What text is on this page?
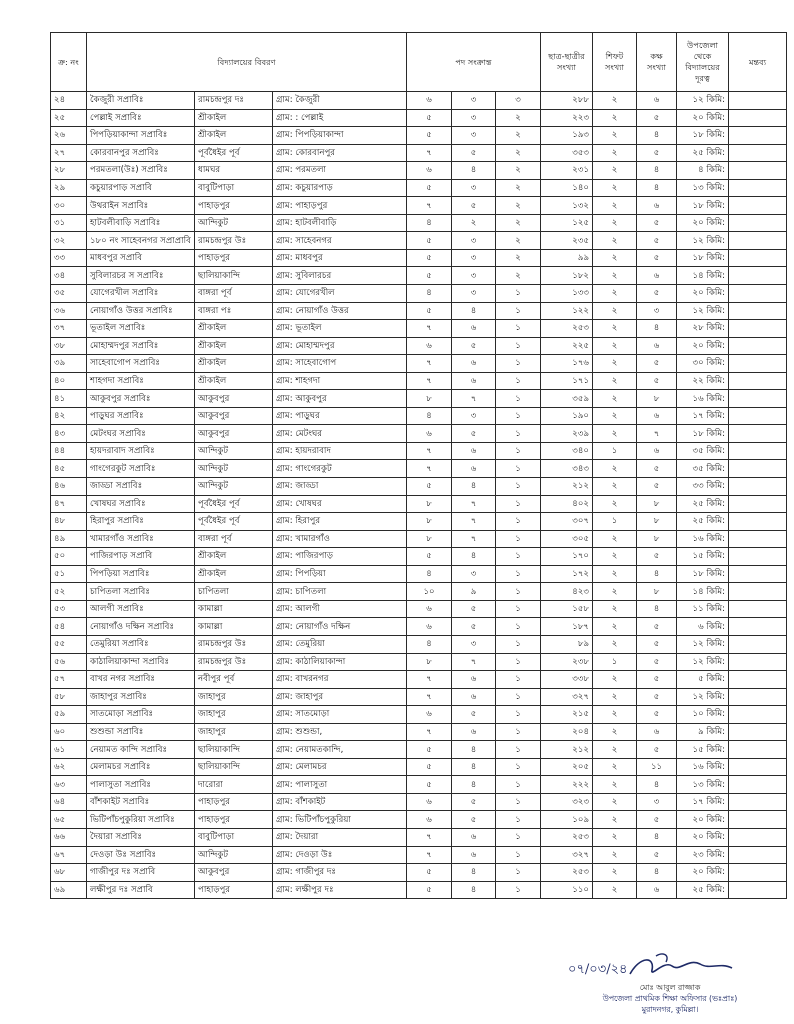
ক্র: নং	বিদ্যালয়ের বিবরণ			পদ সংক্রান্ত			ছাত্র-ছাত্রীর সংখ্যা	শিফট সংখ্যা	কক্ষ সংখ্যা	উপজেলা থেকে বিদ্যালয়ের দূরত্ব	মন্তব্য
২৪	কৈজুরী সপ্রাবিঃ	রামচন্দ্রপুর দঃ	গ্রাম: কৈজুরী	৬	৩	৩	২৮৮	২	৬	১২ কিমি:	
২৫	পেল্লাই সপ্রাবিঃ	শ্রীকাইল	গ্রাম: : পেল্লাই	৫	৩	২	২২৩	২	৫	২০ কিমি:	
২৬	পিপড়িয়াকান্দা সপ্রাবিঃ	শ্রীকাইল	গ্রাম: পিপড়িয়াকান্দা	৫	৩	২	১৯৩	২	৪	১৮ কিমি:	
২৭	কোরবানপুর সপ্রাবিঃ	পূর্বধৈইর পূর্ব	গ্রাম: কোরবানপুর	৭	৫	২	৩৫৩	২	৫	২৫ কিমি:	
২৮	পরমতলা(উঃ) সপ্রাবিঃ	ধামঘর	গ্রাম: পরমতলা	৬	৪	২	২৩১	২	৪	৪ কিমি:	
২৯	কচুয়ারপাড় সপ্রাবি	বাবুটিপাড়া	গ্রাম: কচুয়ারপাড়	৫	৩	২	১৪০	২	৪	১৩ কিমি:	
৩০	উথরাইন সপ্রাবিঃ	পাহাড়পুর	গ্রাম: পাহাড়পুর	৭	৫	২	১৩২	২	৬	১৮ কিমি:	
৩১	হাটবলীবাড়ি সপ্রাবিঃ	আন্দিকুট	গ্রাম: হাটবলীবাড়ি	৪	২	২	১২৫	২	৫	২০ কিমি:	
৩২	১৮০ নং সাহেবনগর সপ্রাপ্রাবি	রামচন্দ্রপুর উঃ	গ্রাম: সাহেবনগর	৫	৩	২	২৩৫	২	৫	১২ কিমি:	
৩৩	মাধবপুর সপ্রাবি	পাহাড়পুর	গ্রাম: মাধবপুর	৫	৩	২	৯৯	২	৫	১৮ কিমি:	
৩৪	সুবিলারচর স সপ্রাবিঃ	ছালিয়াকান্দি	গ্রাম: সুবিলারচর	৫	৩	২	১৮২	২	৬	১৪ কিমি:	
৩৫	যোগেরখীল সপ্রাবিঃ	বাঙ্গরা পূর্ব	গ্রাম: যোগেরখীল	৪	৩	১	১৩৩	২	৫	২০ কিমি:	
৩৬	নোয়াগাঁও উত্তর সপ্রাবিঃ	বাঙ্গরা পঃ	গ্রাম: নোয়াগাঁও উত্তর	৫	৪	১	১২২	২	৩	১২ কিমি:	
৩৭	ভূতাইল সপ্রাবিঃ	শ্রীকাইল	গ্রাম: ভূতাইল	৭	৬	১	২৫৩	২	৪	২৮ কিমি:	
৩৮	মোহাম্মদপুর সপ্রাবিঃ	শ্রীকাইল	গ্রাম: মোহাম্মদপুর	৬	৫	১	২২৫	২	৬	২০ কিমি:	
৩৯	সাহেবাগোপ সপ্রাবিঃ	শ্রীকাইল	গ্রাম: সাহেবাগোপ	৭	৬	১	১৭৬	২	৫	৩০ কিমি:	
৪০	শাহগদা সপ্রাবিঃ	শ্রীকাইল	গ্রাম: শাহগদা	৭	৬	১	১৭১	২	৫	২২ কিমি:	
৪১	আকুবপুর সপ্রাবিঃ	আকুবপুর	গ্রাম: আকুবপুর	৮	৭	১	৩৫৯	২	৮	১৬ কিমি:	
৪২	পাড়ুঘর সপ্রাবিঃ	আকুবপুর	গ্রাম: পাড়ুঘর	৪	৩	১	১৯০	২	৬	১৭ কিমি:	
৪৩	মেটংঘর সপ্রাবিঃ	আকুবপুর	গ্রাম: মেটংঘর	৬	৫	১	২৩৯	২	৭	১৮ কিমি:	
৪৪	হায়দরাবাদ সপ্রাবিঃ	আন্দিকুট	গ্রাম: হায়দরাবাদ	৭	৬	১	৩৪০	১	৬	৩৫ কিমি:	
৪৫	গাংগেরকুট সপ্রাবিঃ	আন্দিকুট	গ্রাম: গাংগেরকুট	৭	৬	১	৩৪৩	২	৫	৩৫ কিমি:	
৪৬	জাড্ডা সপ্রাবিঃ	আন্দিকুট	গ্রাম: জাড্ডা	৫	৪	১	২১২	২	৫	৩৩ কিমি:	
৪৭	খোষঘর সপ্রাবিঃ	পূর্বধৈইর পূর্ব	গ্রাম: খোষঘর	৮	৭	১	৪০২	২	৮	২৫ কিমি:	
৪৮	হিরাপুর সপ্রাবিঃ	পূর্বধৈইর পূর্ব	গ্রাম: হিরাপুর	৮	৭	১	৩০৭	১	৮	২৫ কিমি:	
৪৯	খামারগাঁও সপ্রাবিঃ	বাঙ্গরা পূর্ব	গ্রাম: খামারগাঁও	৮	৭	১	৩০৫	২	৮	১৬ কিমি:	
৫০	পাজিরপাড় সপ্রাবি	শ্রীকাইল	গ্রাম: পাজিরপাড়	৫	৪	১	১৭০	২	৫	১৫ কিমি:	
৫১	পিপড়িয়া সপ্রাবিঃ	শ্রীকাইল	গ্রাম: পিপড়িয়া	৪	৩	১	১৭২	২	৪	১৮ কিমি:	
৫২	চাপিতলা সপ্রাবিঃ	চাপিতলা	গ্রাম: চাপিতলা	১০	৯	১	৪২৩	২	৮	১৪ কিমি:	
৫৩	আলগী সপ্রাবিঃ	কামাল্লা	গ্রাম: আলগী	৬	৫	১	১৫৮	২	৪	১১ কিমি:	
৫৪	নোয়াগাঁও দক্ষিন সপ্রাবিঃ	কামাল্লা	গ্রাম: নোয়াগাঁও দক্ষিন	৬	৫	১	১৮৭	২	৫	৬ কিমি:	
৫৫	তেমুরিয়া সপ্রাবিঃ	রামচন্দ্রপুর উঃ	গ্রাম: তেমুরিয়া	৪	৩	১	৮৯	২	৫	১২ কিমি:	
৫৬	কাঠালিয়াকান্দা সপ্রাবিঃ	রামচন্দ্রপুর উঃ	গ্রাম: কাঠালিয়াকান্দা	৮	৭	১	২৩৮	১	৫	১২ কিমি:	
৫৭	বাখর নগর সপ্রাবিঃ	নবীপুর পূর্ব	গ্রাম: বাখরনগর	৭	৬	১	৩৩৮	২	৫	৫ কিমি:	
৫৮	জাহাপুর সপ্রাবিঃ	জাহাপুর	গ্রাম: জাহাপুর	৭	৬	১	৩২৭	২	৫	১২ কিমি:	
৫৯	সাতমোড়া সপ্রাবিঃ	জাহাপুর	গ্রাম: সাতমোড়া	৬	৫	১	২১৫	২	৫	১০ কিমি:	
৬০	শুশুন্ডা সপ্রাবিঃ	জাহাপুর	গ্রাম: শুশুন্ডা,	৭	৬	১	২০৪	২	৬	৯ কিমি:	
৬১	নেয়ামত কান্দি সপ্রাবিঃ	ছালিয়াকান্দি	গ্রাম: নেয়ামতকান্দি,	৫	৪	১	২১২	২	৫	১৫ কিমি:	
৬২	মেলামচর সপ্রাবিঃ	ছালিয়াকান্দি	গ্রাম: মেলামচর	৫	৪	১	২০৫	২	১১	১৬ কিমি:	
৬৩	পালাসুতা সপ্রাবিঃ	দারোরা	গ্রাম: পালাসুতা	৫	৪	১	২২২	২	৪	১৩ কিমি:	
৬৪	বাঁশকাইট সপ্রাবিঃ	পাহাড়পুর	গ্রাম: বাঁশকাইট	৬	৫	১	৩২৩	২	৩	১৭ কিমি:	
৬৫	ভিটিপাঁচপুকুরিয়া সপ্রাবিঃ	পাহাড়পুর	গ্রাম: ভিটিপাঁচপুকুরিয়া	৬	৫	১	১০৯	২	৫	২০ কিমি:	
৬৬	দৈয়ারা সপ্রাবিঃ	বাবুটিপাড়া	গ্রাম: দৈয়ারা	৭	৬	১	২৫৩	২	৪	২০ কিমি:	
৬৭	দেওড়া উঃ সপ্রাবিঃ	আন্দিকুট	গ্রাম: দেওড়া উঃ	৭	৬	১	৩২৭	২	৫	২৩ কিমি:	
৬৮	গাজীপুর দঃ সপ্রাবি	আকুবপুর	গ্রাম: গাজীপুর দঃ	৫	৪	১	২৫৩	২	৪	২০ কিমি:	
৬৯	লক্ষীপুর দঃ সপ্রাবি	পাহাড়পুর	গ্রাম: লক্ষীপুর দঃ	৫	৪	১	১১০	২	৬	২৫ কিমি:	
০৭/০৩/২৪
মোঃ আবুল রাজ্জাক
উপজেলা প্রাথমিক শিক্ষা অফিসার (ভঃপ্রাঃ)
মুরাদনগর, কুমিল্লা।
